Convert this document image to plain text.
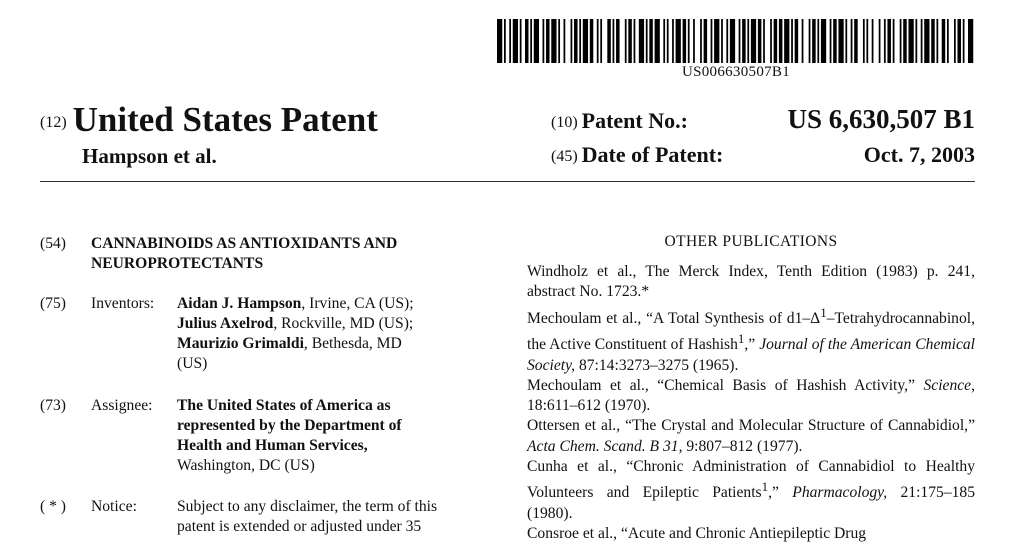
US006630507B1
(12) United States Patent
Hampson et al.
(10) Patent No.:	US 6,630,507 B1
(45) Date of Patent:	Oct. 7, 2003
(54) CANNABINOIDS AS ANTIOXIDANTS AND
NEUROPROTECTANTS
(75) Inventors: Aidan J. Hampson, Irvine, CA (US);
Julius Axelrod, Rockville, MD (US);
Maurizio Grimaldi, Bethesda, MD
(US)
(73) Assignee: The United States of America as
represented by the Department of
Health and Human Services,
Washington, DC (US)
( * ) Notice:	Subject to any disclaimer, the term of this
patent is extended or adjusted under 35
OTHER PUBLICATIONS
Windholz et al., The Merck Index, Tenth Edition (1983) p. 241, abstract No. 1723.*
Mechoulam et al., “A Total Synthesis of $d1-\Delta^1$–Tetrahydrocannabinol, the Active Constituent of Hashish$^1$,” Journal of the American Chemical Society, 87:14:3273–3275 (1965).
Mechoulam et al., “Chemical Basis of Hashish Activity,” Science, 18:611–612 (1970).
Ottersen et al., “The Crystal and Molecular Structure of Cannabidiol,” Acta Chem. Scand. B 31, 9:807–812 (1977).
Cunha et al., “Chronic Administration of Cannabidiol to Healthy Volunteers and Epileptic Patients$^1$,” Pharmacology, 21:175–185 (1980).
Consroe et al., “Acute and Chronic Antiepileptic Drug
